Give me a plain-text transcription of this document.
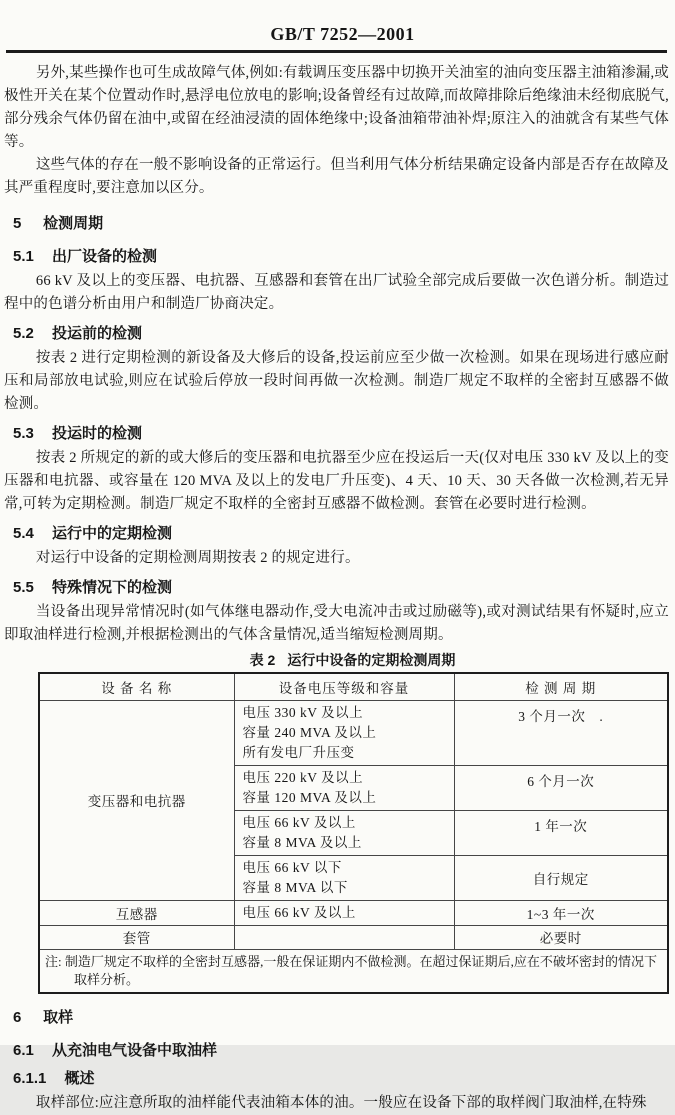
GB/T 7252—2001

另外,某些操作也可生成故障气体,例如:有载调压变压器中切换开关油室的油向变压器主油箱渗漏,或极性开关在某个位置动作时,悬浮电位放电的影响;设备曾经有过故障,而故障排除后绝缘油未经彻底脱气,部分残余气体仍留在油中,或留在经油浸渍的固体绝缘中;设备油箱带油补焊;原注入的油就含有某些气体等。

这些气体的存在一般不影响设备的正常运行。但当利用气体分析结果确定设备内部是否存在故障及其严重程度时,要注意加以区分。

5 检测周期
5.1 出厂设备的检测

66 kV 及以上的变压器、电抗器、互感器和套管在出厂试验全部完成后要做一次色谱分析。制造过程中的色谱分析由用户和制造厂协商决定。

5.2 投运前的检测

按表 2 进行定期检测的新设备及大修后的设备,投运前应至少做一次检测。如果在现场进行感应耐压和局部放电试验,则应在试验后停放一段时间再做一次检测。制造厂规定不取样的全密封互感器不做检测。

5.3 投运时的检测

按表 2 所规定的新的或大修后的变压器和电抗器至少应在投运后一天(仅对电压 330 kV 及以上的变压器和电抗器、或容量在 120 MVA 及以上的发电厂升压变)、4 天、10 天、30 天各做一次检测,若无异常,可转为定期检测。制造厂规定不取样的全密封互感器不做检测。套管在必要时进行检测。

5.4 运行中的定期检测

对运行中设备的定期检测周期按表 2 的规定进行。

5.5 特殊情况下的检测

当设备出现异常情况时(如气体继电器动作,受大电流冲击或过励磁等),或对测试结果有怀疑时,应立即取油样进行检测,并根据检测出的气体含量情况,适当缩短检测周期。

表 2 运行中设备的定期检测周期
设 备 名 称	设备电压等级和容量	检 测 周 期
变压器和电抗器	电压 330 kV 及以上
容量 240 MVA 及以上
所有发电厂升压变	3 个月一次　.

	电压 220 kV 及以上
容量 120 MVA 及以上	6 个月一次

	电压 66 kV 及以上
容量 8 MVA 及以上	1 年一次

	电压 66 kV 以下
容量 8 MVA 以下	自行规定
互感器	电压 66 kV 及以上	1~3 年一次
套管		必要时
注: 制造厂规定不取样的全密封互感器,一般在保证期内不做检测。在超过保证期后,应在不破坏密封的情况下取样分析。		
6 取样
6.1 从充油电气设备中取油样
6.1.1 概述

取样部位:应注意所取的油样能代表油箱本体的油。一般应在设备下部的取样阀门取油样,在特殊
